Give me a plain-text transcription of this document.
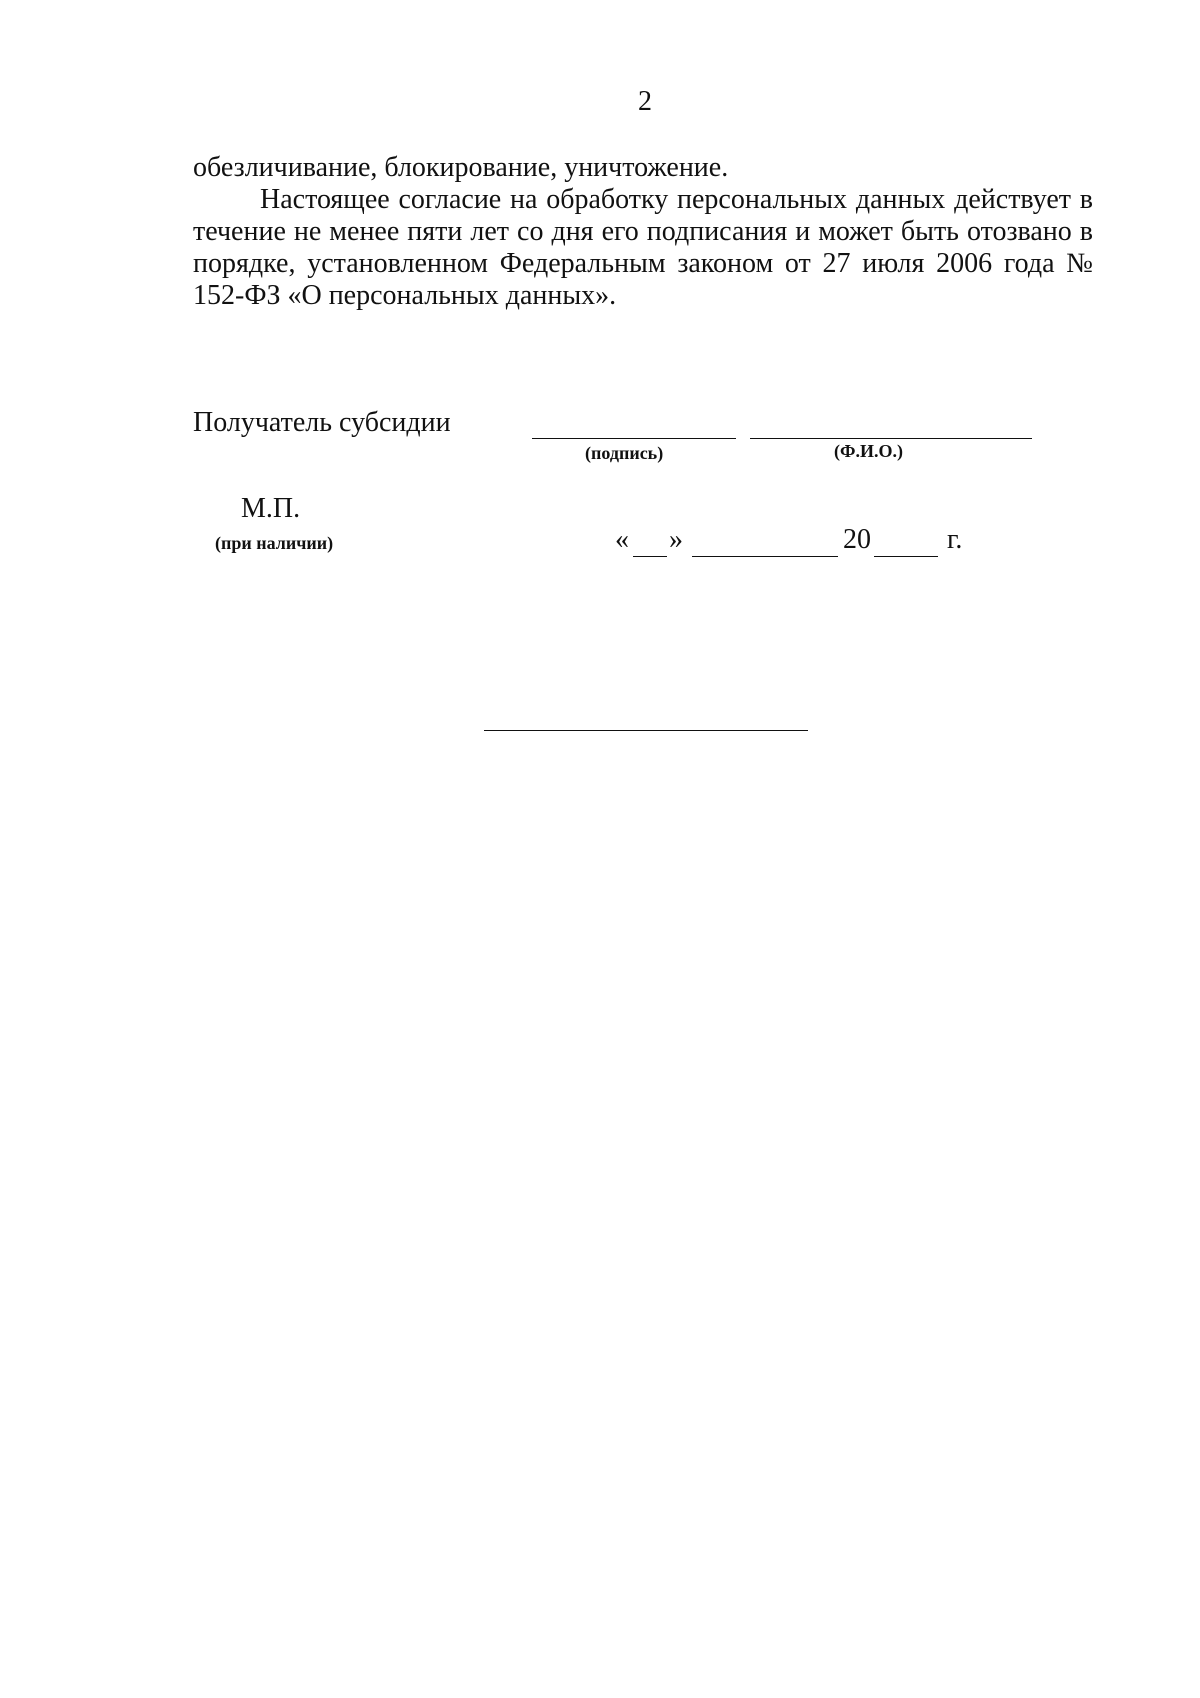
2

обезличивание, блокирование, уничтожение.

Настоящее согласие на обработку персональных данных действует в течение не менее пяти лет со дня его подписания и может быть отозвано в порядке, установленном Федеральным законом от 27 июля 2006 года № 152-ФЗ «О персональных данных».

Получатель субсидии
(подпись)	(Ф.И.О.)
М.П.
(при наличии)	« »	20	г.
